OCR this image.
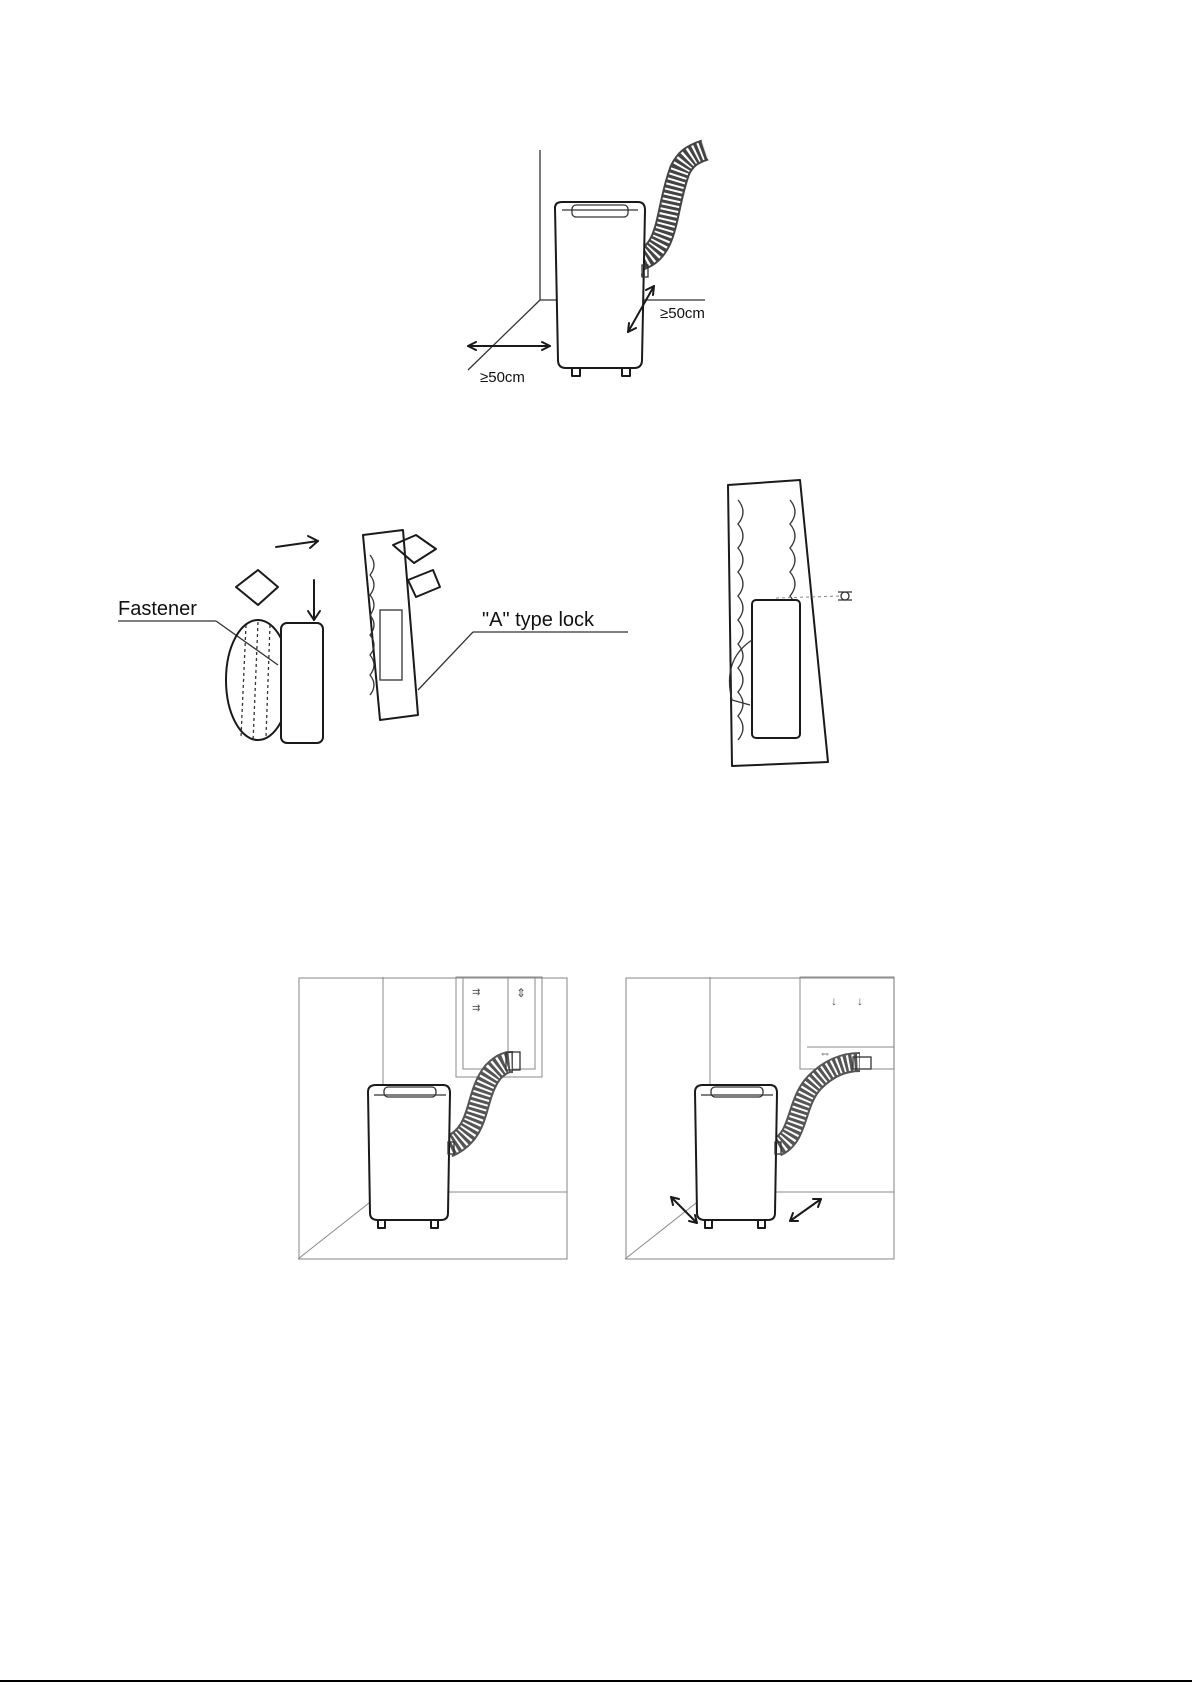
≥50cm
≥50cm
Fastener	"A" type lock
⇉
⇉
⇕
↓ ↓
⇔
